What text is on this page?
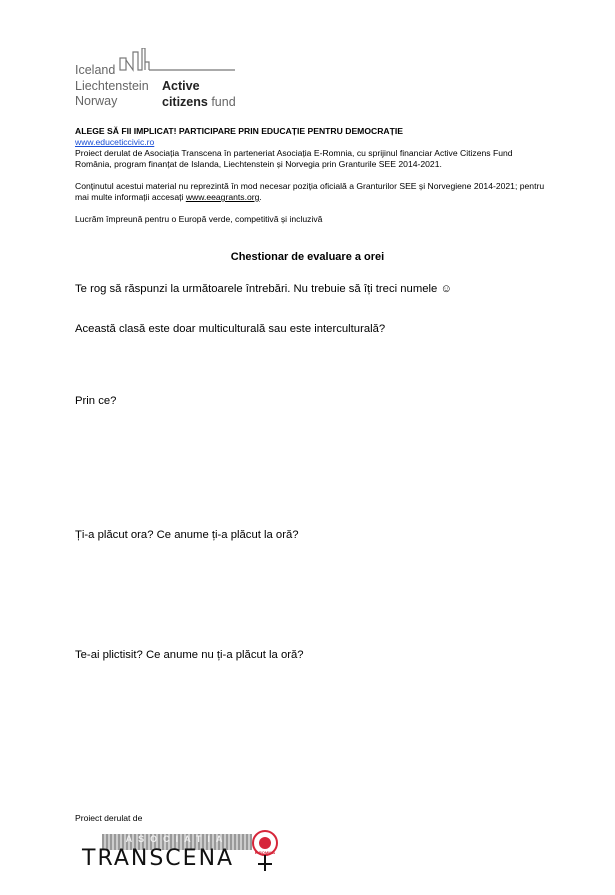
Iceland
Liechtenstein
Norway
Active
citizens fund
ALEGE SĂ FII IMPLICAT! PARTICIPARE PRIN EDUCAȚIE PENTRU DEMOCRAȚIE
www.educeticcivic.ro
Proiect derulat de Asociația Transcena în parteneriat Asociația E-Romnia, cu sprijinul financiar Active Citizens Fund România, program finanțat de Islanda, Liechtenstein și Norvegia prin Granturile SEE 2014-2021.
Conținutul acestui material nu reprezintă în mod necesar poziția oficială a Granturilor SEE și Norvegiene 2014-2021; pentru mai multe informații accesați www.eeagrants.org.
Lucrăm împreună pentru o Europă verde, competitivă și incluzivă
Chestionar de evaluare a orei
Te rog să răspunzi la următoarele întrebări. Nu trebuie să îți treci numele ☺
Această clasă este doar multiculturală sau este interculturală?
Prin ce?
Ți-a plăcut ora? Ce anume ți-a plăcut la oră?
Te-ai plictisit? Ce anume nu ți-a plăcut la oră?
Proiect derulat de
ASOCIATIA
TRANSCENA	E-ROMNIA
